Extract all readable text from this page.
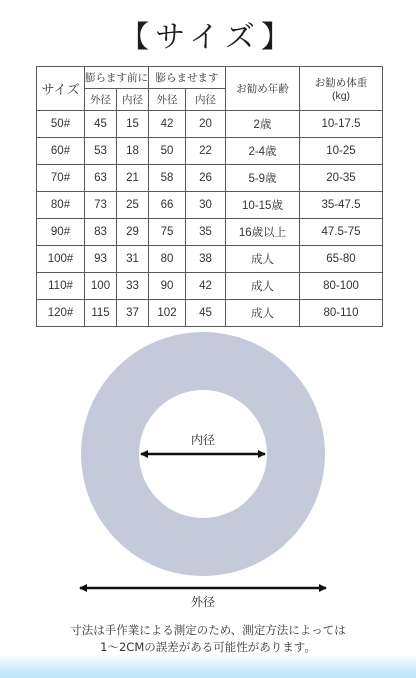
【サイズ】
サイズ	膨らます前に		膨らませます		お勧め年齢	お勧め体重
(kg)
	外径	内径	外径	内径		
50#	45	15	42	20	2歳	10-17.5
60#	53	18	50	22	2-4歳	10-25
70#	63	21	58	26	5-9歳	20-35
80#	73	25	66	30	10-15歳	35-47.5
90#	83	29	75	35	16歳以上	47.5-75
100#	93	31	80	38	成人	65-80
110#	100	33	90	42	成人	80-100
120#	115	37	102	45	成人	80-110
内径
外径
寸法は手作業による測定のため、測定方法によっては
1～2CMの誤差がある可能性があります。
